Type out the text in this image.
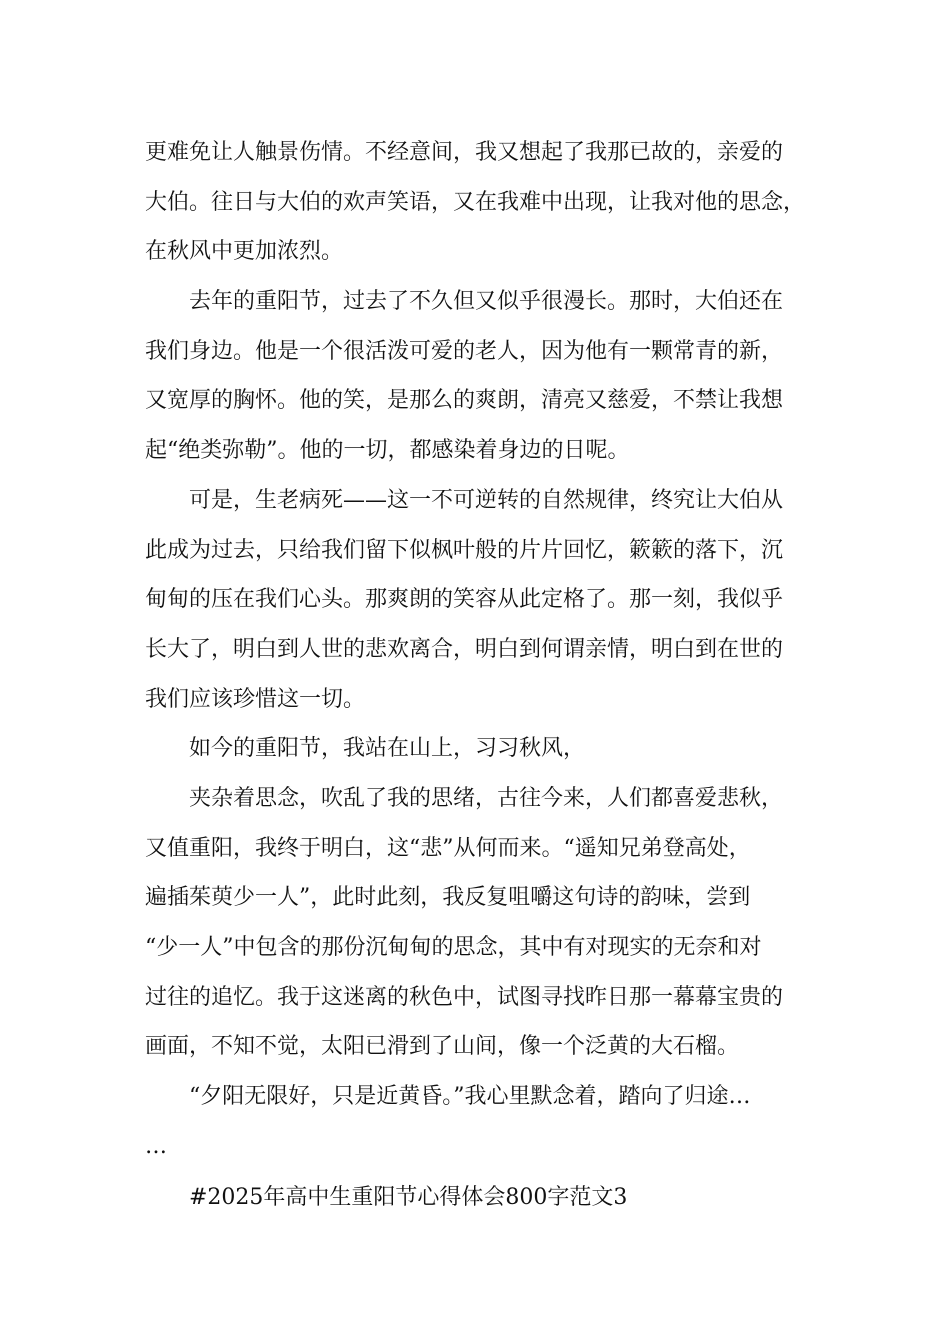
更难免让人触景伤情。不经意间，我又想起了我那已故的，亲爱的
大伯。往日与大伯的欢声笑语，又在我难中出现，让我对他的思念，
在秋风中更加浓烈。
去年的重阳节，过去了不久但又似乎很漫长。那时，大伯还在
我们身边。他是一个很活泼可爱的老人，因为他有一颗常青的新，
又宽厚的胸怀。他的笑，是那么的爽朗，清亮又慈爱，不禁让我想
起“绝类弥勒”。他的一切，都感染着身边的日呢。
可是，生老病死——这一不可逆转的自然规律，终究让大伯从
此成为过去，只给我们留下似枫叶般的片片回忆，簌簌的落下，沉
甸甸的压在我们心头。那爽朗的笑容从此定格了。那一刻，我似乎
长大了，明白到人世的悲欢离合，明白到何谓亲情，明白到在世的
我们应该珍惜这一切。
如今的重阳节，我站在山上，习习秋风，
夹杂着思念，吹乱了我的思绪，古往今来，人们都喜爱悲秋，
又值重阳，我终于明白，这“悲”从何而来。“遥知兄弟登高处，
遍插茱萸少一人”，此时此刻，我反复咀嚼这句诗的韵味，尝到
“少一人”中包含的那份沉甸甸的思念，其中有对现实的无奈和对
过往的追忆。我于这迷离的秋色中，试图寻找昨日那一幕幕宝贵的
画面，不知不觉，太阳已滑到了山间，像一个泛黄的大石榴。
“夕阳无限好，只是近黄昏。”我心里默念着，踏向了归途…
…
#2025年高中生重阳节心得体会800字范文3
